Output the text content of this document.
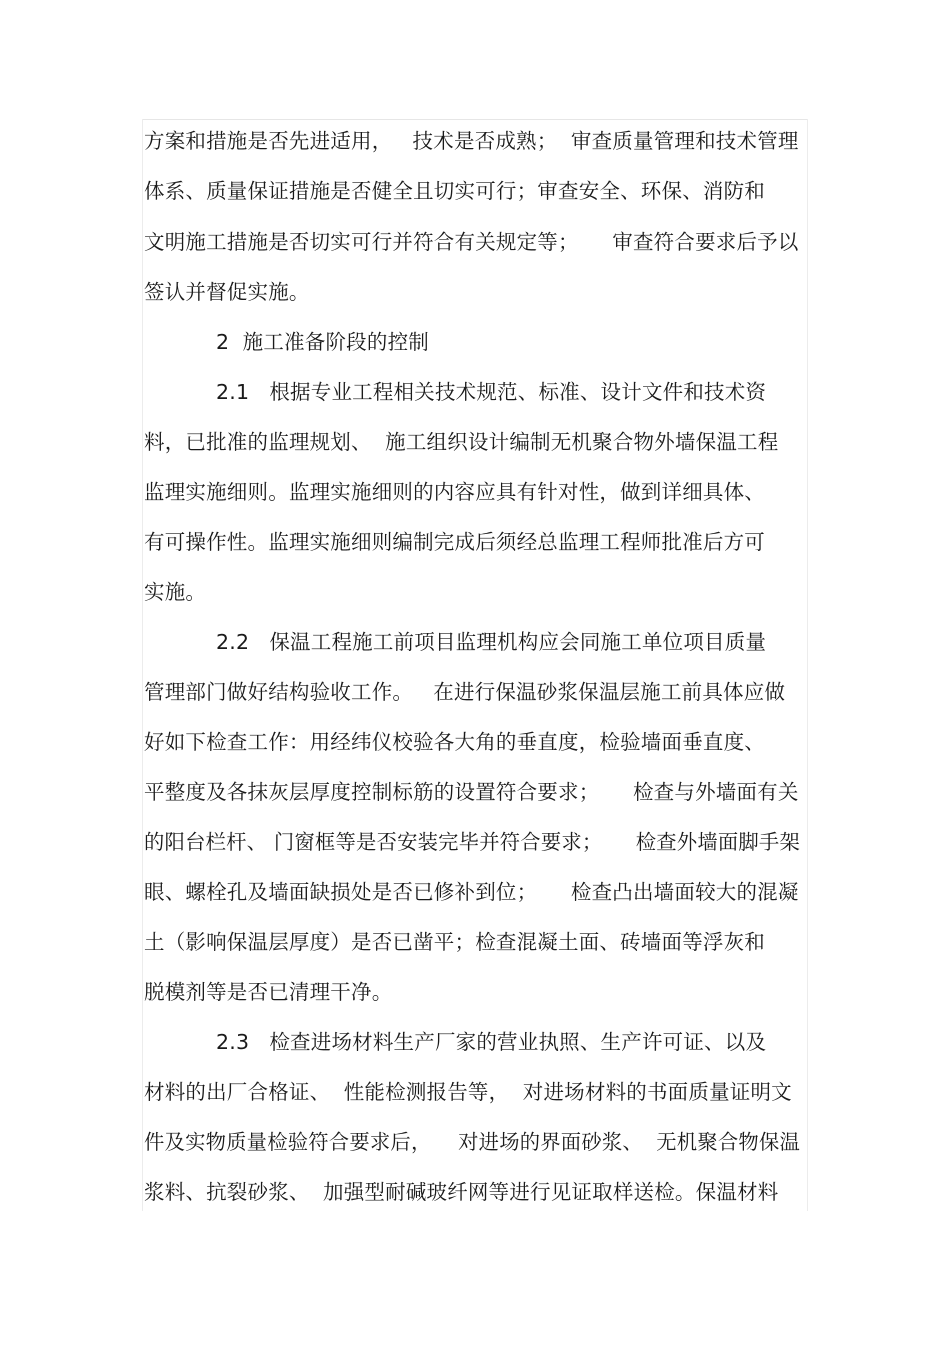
方案和措施是否先进适用，   技术是否成熟；  审查质量管理和技术管理
体系、质量保证措施是否健全且切实可行；审查安全、环保、消防和
文明施工措施是否切实可行并符合有关规定等；     审查符合要求后予以
签认并督促实施。
2  施工准备阶段的控制
2.1   根据专业工程相关技术规范、标准、设计文件和技术资
料，已批准的监理规划、  施工组织设计编制无机聚合物外墙保温工程
监理实施细则。监理实施细则的内容应具有针对性，做到详细具体、
有可操作性。监理实施细则编制完成后须经总监理工程师批准后方可
实施。
2.2   保温工程施工前项目监理机构应会同施工单位项目质量
管理部门做好结构验收工作。   在进行保温砂浆保温层施工前具体应做
好如下检查工作：用经纬仪校验各大角的垂直度，检验墙面垂直度、
平整度及各抹灰层厚度控制标筋的设置符合要求；     检查与外墙面有关
的阳台栏杆、 门窗框等是否安装完毕并符合要求；     检查外墙面脚手架
眼、螺栓孔及墙面缺损处是否已修补到位；     检查凸出墙面较大的混凝
土（影响保温层厚度）是否已凿平；检查混凝土面、砖墙面等浮灰和
脱模剂等是否已清理干净。
2.3   检查进场材料生产厂家的营业执照、生产许可证、以及
材料的出厂合格证、  性能检测报告等，  对进场材料的书面质量证明文
件及实物质量检验符合要求后，    对进场的界面砂浆、  无机聚合物保温
浆料、抗裂砂浆、  加强型耐碱玻纤网等进行见证取样送检。保温材料
